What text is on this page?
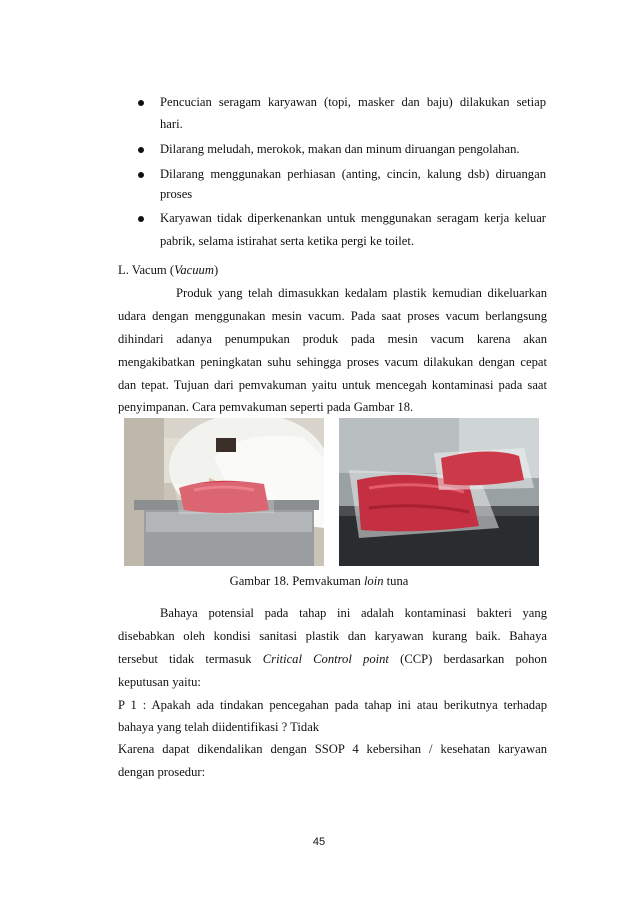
Pencucian seragam karyawan (topi, masker dan baju) dilakukan setiap
hari.
Dilarang meludah, merokok, makan dan minum diruangan pengolahan.
Dilarang menggunakan perhiasan (anting, cincin, kalung dsb) diruangan
proses
Karyawan tidak diperkenankan untuk menggunakan seragam kerja keluar
pabrik, selama istirahat serta ketika pergi ke toilet.
L. Vacum (Vacuum)
Produk yang telah dimasukkan kedalam plastik kemudian dikeluarkan
udara dengan menggunakan mesin vacum. Pada saat proses vacum berlangsung
dihindari adanya penumpukan produk pada mesin vacum karena akan
mengakibatkan peningkatan suhu sehingga proses vacum dilakukan dengan cepat
dan tepat. Tujuan dari pemvakuman yaitu untuk mencegah kontaminasi pada saat
penyimpanan. Cara pemvakuman seperti pada Gambar 18.
Gambar 18. Pemvakuman loin tuna
Bahaya potensial pada tahap ini adalah kontaminasi bakteri yang
disebabkan oleh kondisi sanitasi plastik dan karyawan kurang baik. Bahaya
tersebut tidak termasuk Critical Control point (CCP) berdasarkan pohon
keputusan yaitu:
P 1 : Apakah ada tindakan pencegahan pada tahap ini atau berikutnya terhadap
bahaya yang telah diidentifikasi ? Tidak
Karena dapat dikendalikan dengan SSOP 4 kebersihan / kesehatan karyawan
dengan prosedur:
45
